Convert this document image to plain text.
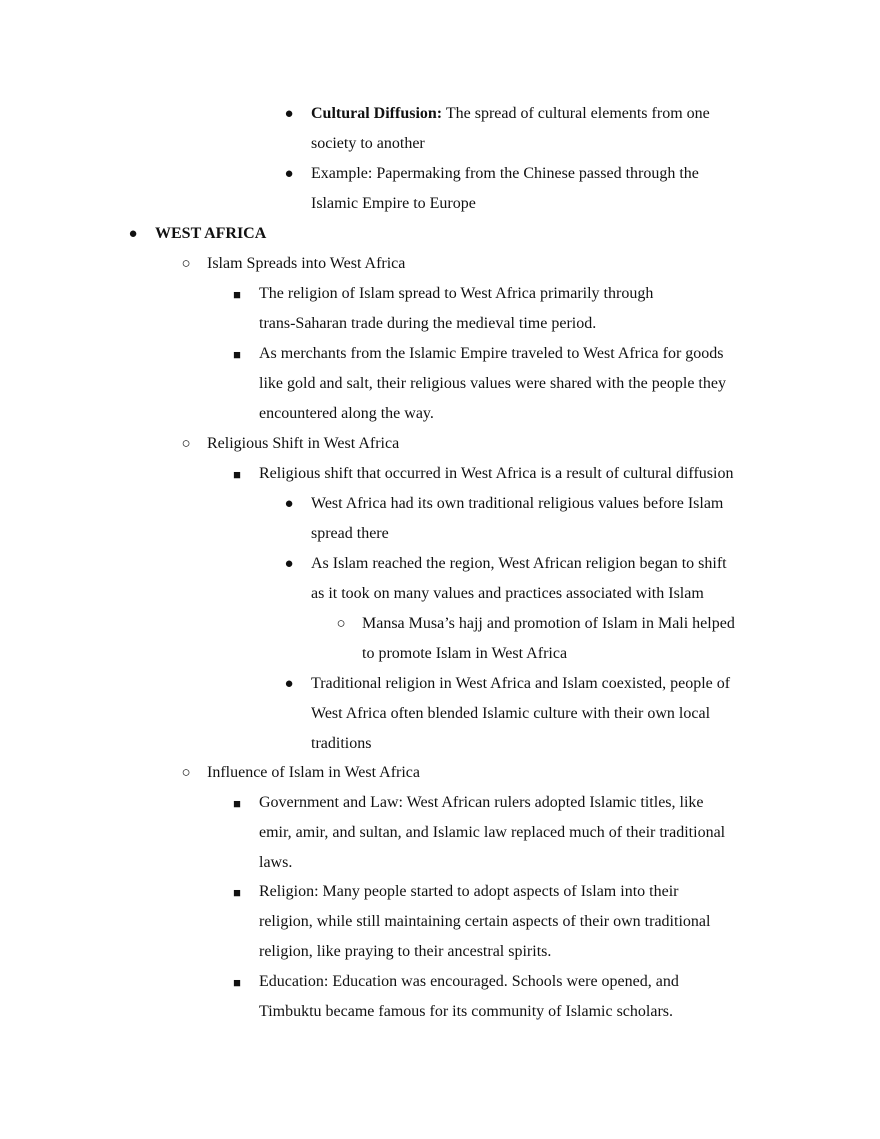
● Cultural Diffusion: The spread of cultural elements from one
society to another
● Example: Papermaking from the Chinese passed through the
Islamic Empire to Europe
● WEST AFRICA
○ Islam Spreads into West Africa
■ The religion of Islam spread to West Africa primarily through
trans-Saharan trade during the medieval time period.
■ As merchants from the Islamic Empire traveled to West Africa for goods
like gold and salt, their religious values were shared with the people they
encountered along the way.
○ Religious Shift in West Africa
■ Religious shift that occurred in West Africa is a result of cultural diffusion
● West Africa had its own traditional religious values before Islam
spread there
● As Islam reached the region, West African religion began to shift
as it took on many values and practices associated with Islam
○ Mansa Musa’s hajj and promotion of Islam in Mali helped
to promote Islam in West Africa
● Traditional religion in West Africa and Islam coexisted, people of
West Africa often blended Islamic culture with their own local
traditions
○ Influence of Islam in West Africa
■ Government and Law: West African rulers adopted Islamic titles, like
emir, amir, and sultan, and Islamic law replaced much of their traditional
laws.
■ Religion: Many people started to adopt aspects of Islam into their
religion, while still maintaining certain aspects of their own traditional
religion, like praying to their ancestral spirits.
■ Education: Education was encouraged. Schools were opened, and
Timbuktu became famous for its community of Islamic scholars.
